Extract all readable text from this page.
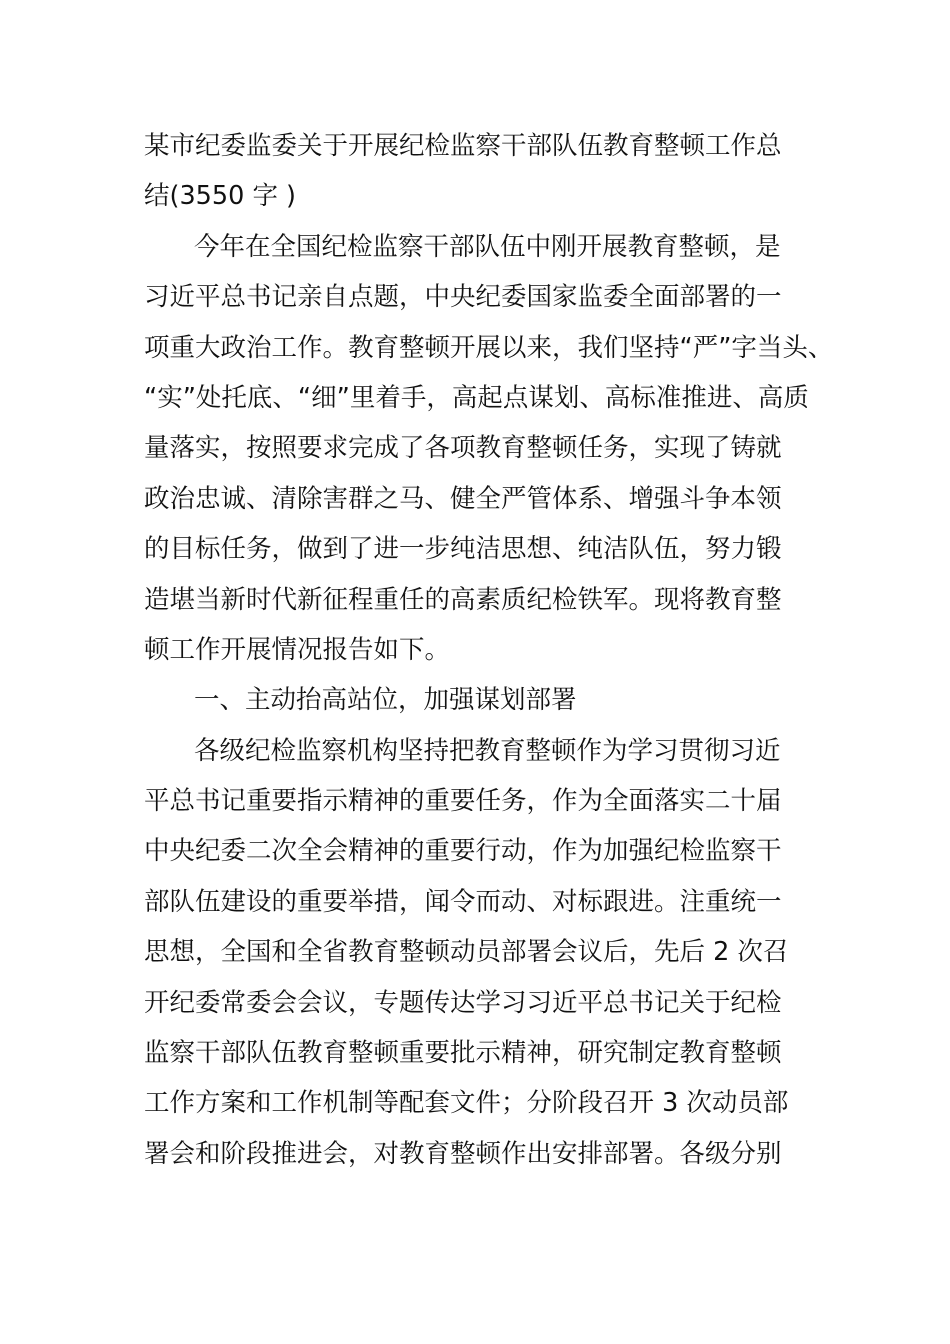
某市纪委监委关于开展纪检监察干部队伍教育整顿工作总
结(3550 字 )
今年在全国纪检监察干部队伍中刚开展教育整顿，是
习近平总书记亲自点题，中央纪委国家监委全面部署的一
项重大政治工作。教育整顿开展以来，我们坚持“严”字当头、
“实”处托底、“细”里着手，高起点谋划、高标准推进、高质
量落实，按照要求完成了各项教育整顿任务，实现了铸就
政治忠诚、清除害群之马、健全严管体系、增强斗争本领
的目标任务，做到了进一步纯洁思想、纯洁队伍，努力锻
造堪当新时代新征程重任的高素质纪检铁军。现将教育整
顿工作开展情况报告如下。
一、主动抬高站位，加强谋划部署
各级纪检监察机构坚持把教育整顿作为学习贯彻习近
平总书记重要指示精神的重要任务，作为全面落实二十届
中央纪委二次全会精神的重要行动，作为加强纪检监察干
部队伍建设的重要举措，闻令而动、对标跟进。注重统一
思想，全国和全省教育整顿动员部署会议后，先后 2 次召
开纪委常委会会议，专题传达学习习近平总书记关于纪检
监察干部队伍教育整顿重要批示精神，研究制定教育整顿
工作方案和工作机制等配套文件；分阶段召开 3 次动员部
署会和阶段推进会，对教育整顿作出安排部署。各级分别
